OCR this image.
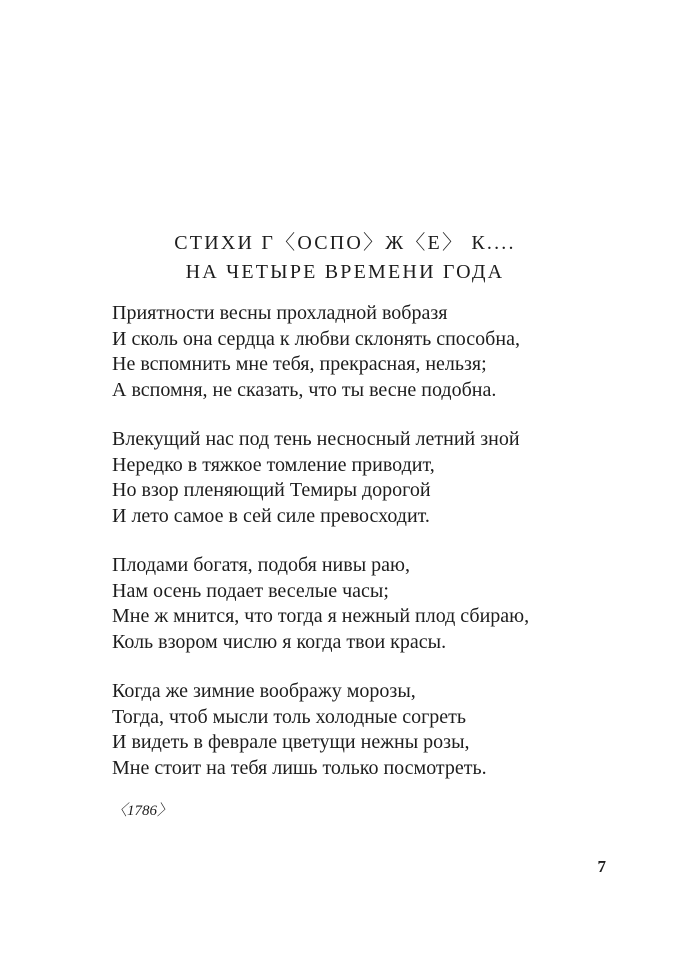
СТИХИ Г〈ОСПО〉Ж〈Е〉 К....
НА ЧЕТЫРЕ ВРЕМЕНИ ГОДА
Приятности весны прохладной вобразя
И сколь она сердца к любви склонять способна,
Не вспомнить мне тебя, прекрасная, нельзя;
А вспомня, не сказать, что ты весне подобна.
Влекущий нас под тень несносный летний зной
Нередко в тяжкое томление приводит,
Но взор пленяющий Темиры дорогой
И лето самое в сей силе превосходит.
Плодами богатя, подобя нивы раю,
Нам осень подает веселые часы;
Мне ж мнится, что тогда я нежный плод сбираю,
Коль взором числю я когда твои красы.
Когда же зимние воображу морозы,
Тогда, чтоб мысли толь холодные согреть
И видеть в феврале цветущи нежны розы,
Мне стоит на тебя лишь только посмотреть.
〈1786〉
7
